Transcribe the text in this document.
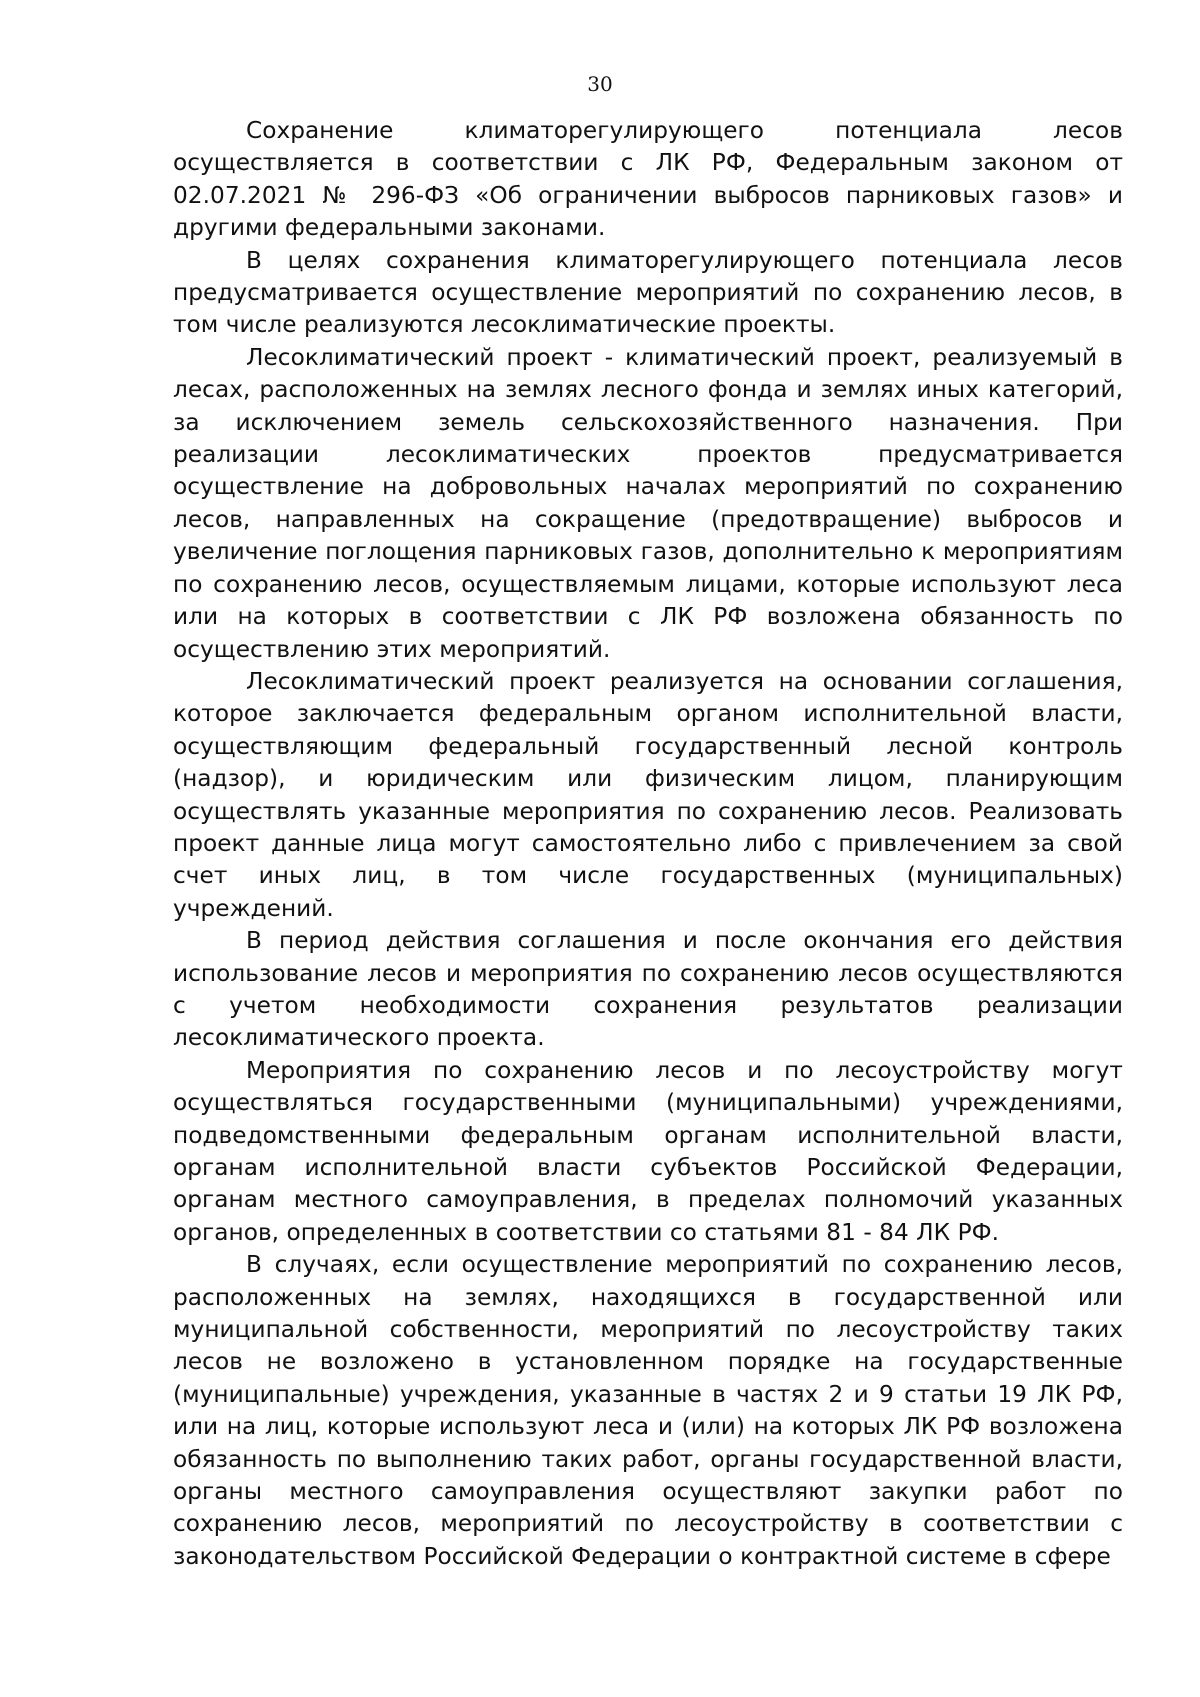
30

Сохранение климаторегулирующего потенциала лесов осуществляется в соответствии с ЛК РФ, Федеральным законом от 02.07.2021 № 296-ФЗ «Об ограничении выбросов парниковых газов» и другими федеральными законами.

В целях сохранения климаторегулирующего потенциала лесов предусматривается осуществление мероприятий по сохранению лесов, в том числе реализуются лесоклиматические проекты.

Лесоклиматический проект - климатический проект, реализуемый в лесах, расположенных на землях лесного фонда и землях иных категорий, за исключением земель сельскохозяйственного назначения. При реализации лесоклиматических проектов предусматривается осуществление на добровольных началах мероприятий по сохранению лесов, направленных на сокращение (предотвращение) выбросов и увеличение поглощения парниковых газов, дополнительно к мероприятиям по сохранению лесов, осуществляемым лицами, которые используют леса или на которых в соответствии с ЛК РФ возложена обязанность по осуществлению этих мероприятий.

Лесоклиматический проект реализуется на основании соглашения, которое заключается федеральным органом исполнительной власти, осуществляющим федеральный государственный лесной контроль (надзор), и юридическим или физическим лицом, планирующим осуществлять указанные мероприятия по сохранению лесов. Реализовать проект данные лица могут самостоятельно либо с привлечением за свой счет иных лиц, в том числе государственных (муниципальных) учреждений.

В период действия соглашения и после окончания его действия использование лесов и мероприятия по сохранению лесов осуществляются с учетом необходимости сохранения результатов реализации лесоклиматического проекта.

Мероприятия по сохранению лесов и по лесоустройству могут осуществляться государственными (муниципальными) учреждениями, подведомственными федеральным органам исполнительной власти, органам исполнительной власти субъектов Российской Федерации, органам местного самоуправления, в пределах полномочий указанных органов, определенных в соответствии со статьями 81 - 84 ЛК РФ.

В случаях, если осуществление мероприятий по сохранению лесов, расположенных на землях, находящихся в государственной или муниципальной собственности, мероприятий по лесоустройству таких лесов не возложено в установленном порядке на государственные (муниципальные) учреждения, указанные в частях 2 и 9 статьи 19 ЛК РФ, или на лиц, которые используют леса и (или) на которых ЛК РФ возложена обязанность по выполнению таких работ, органы государственной власти, органы местного самоуправления осуществляют закупки работ по сохранению лесов, мероприятий по лесоустройству в соответствии с законодательством Российской Федерации о контрактной системе в сфере
